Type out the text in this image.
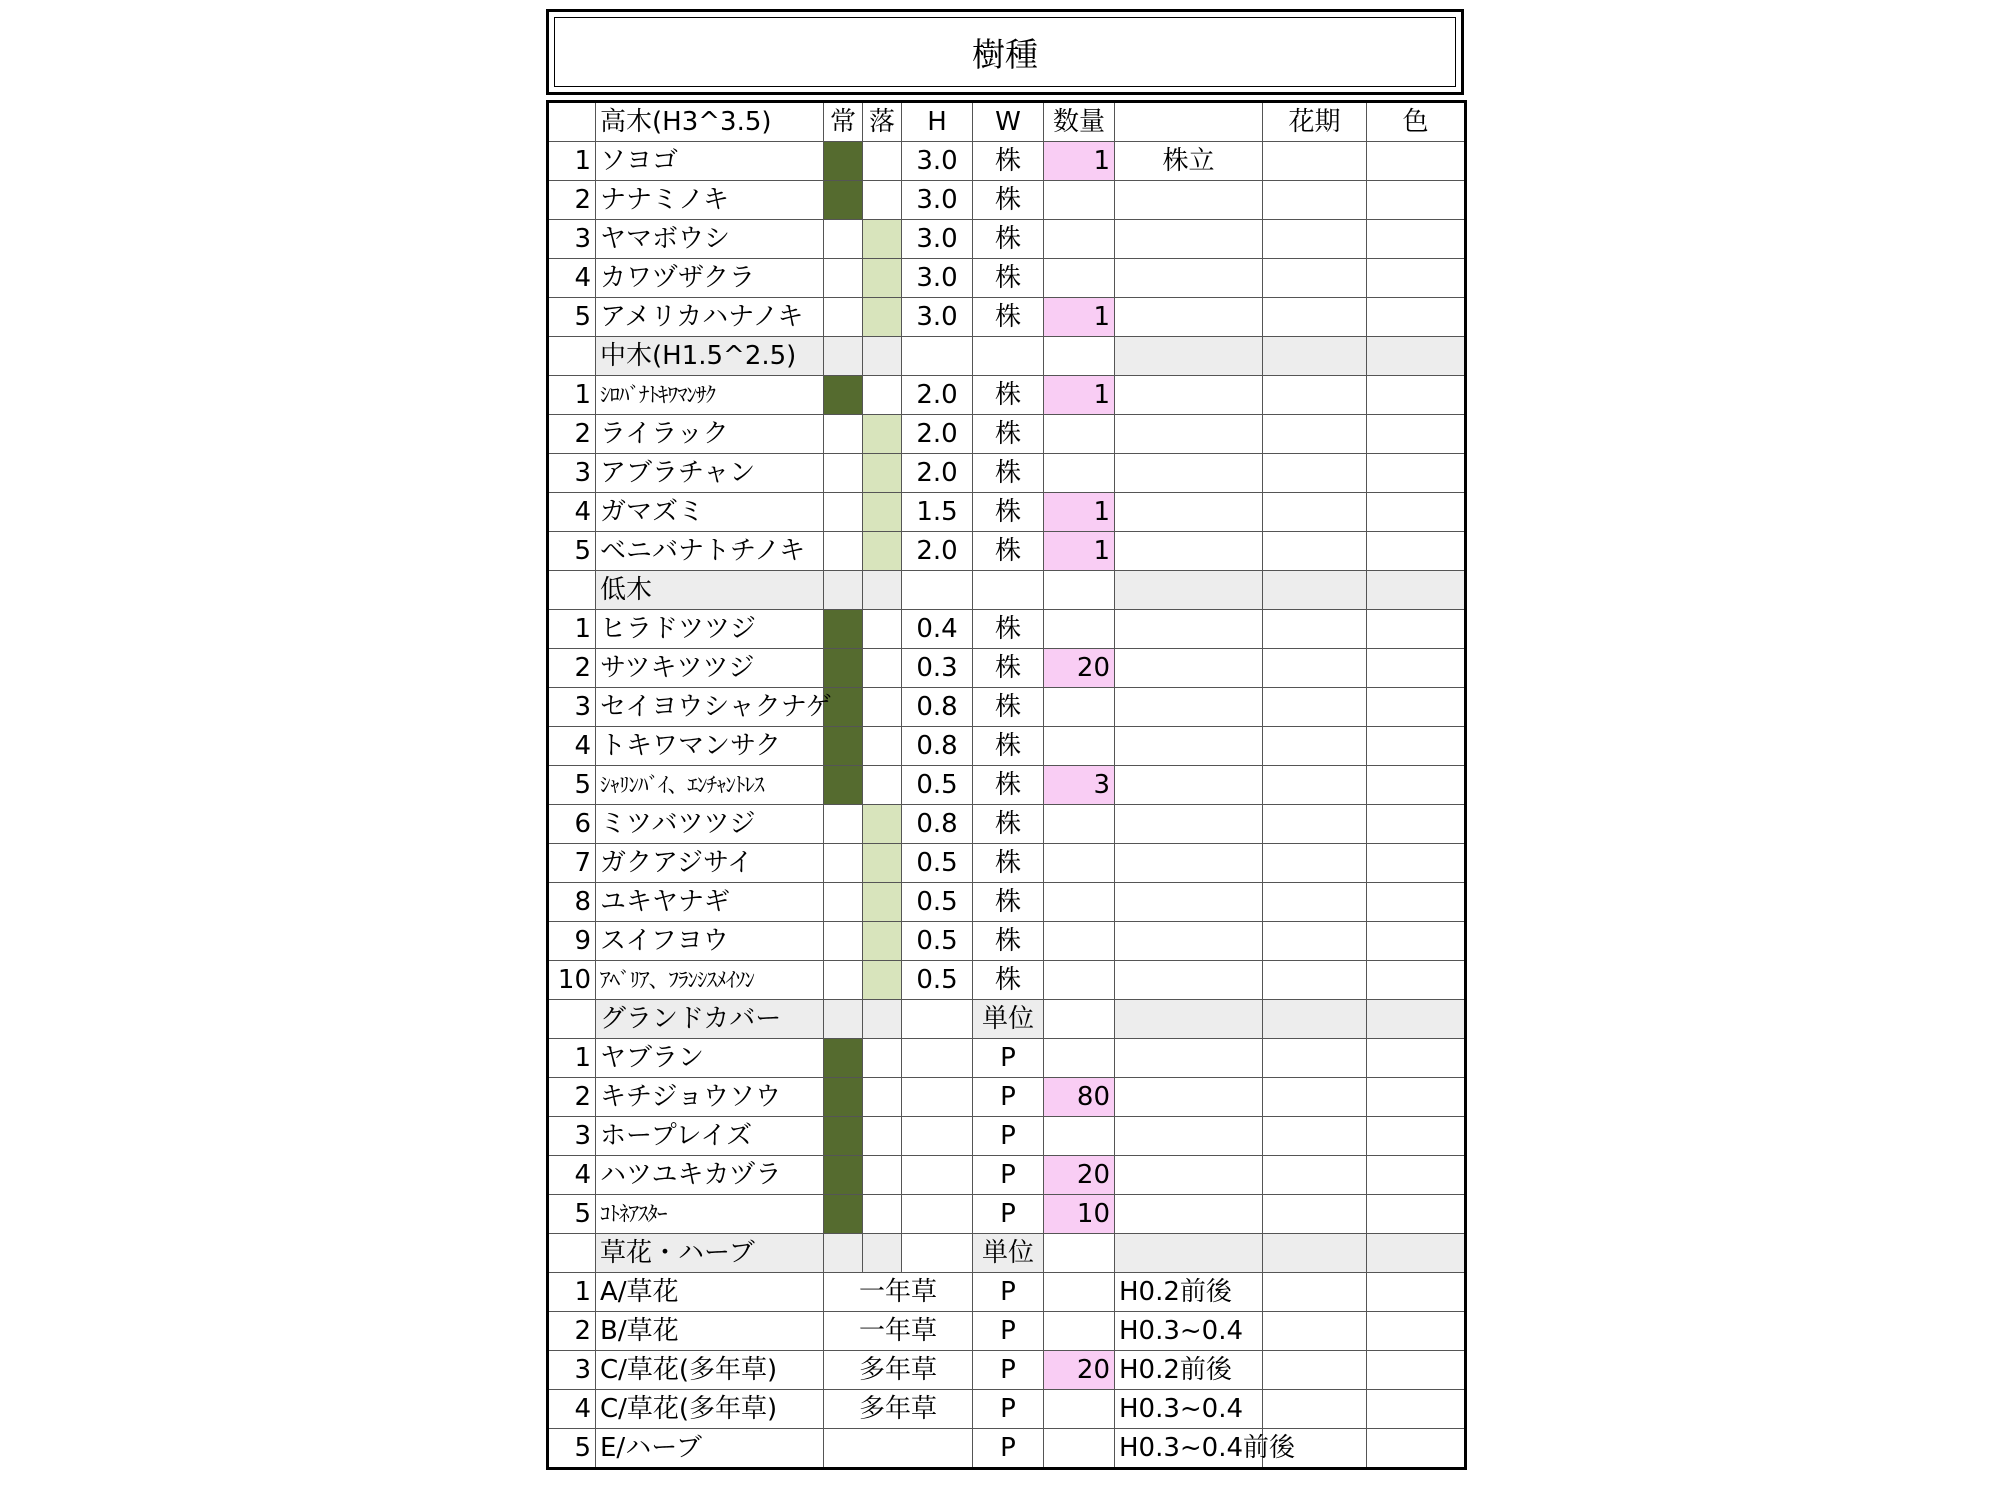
樹種
	高木(H3^3.5)	常	落	H	W	数量		花期	色
1	ソヨゴ			3.0	株	1	株立		
2	ナナミノキ			3.0	株				
3	ヤマボウシ			3.0	株				
4	カワヅザクラ			3.0	株				
5	アメリカハナノキ			3.0	株	1			
	中木(H1.5^2.5)								
1	ｼﾛﾊﾞﾅﾄｷﾜﾏﾝｻｸ			2.0	株	1			
2	ライラック			2.0	株				
3	アブラチャン			2.0	株				
4	ガマズミ			1.5	株	1			
5	ベニバナトチノキ			2.0	株	1			
	低木								
1	ヒラドツツジ			0.4	株				
2	サツキツツジ			0.3	株	20			
3	セイヨウシャクナゲ			0.8	株				
4	トキワマンサク			0.8	株				
5	ｼｬﾘﾝﾊﾞｲ、ｴﾝﾁｬﾝﾄﾚｽ			0.5	株	3			
6	ミツバツツジ			0.8	株				
7	ガクアジサイ			0.5	株				
8	ユキヤナギ			0.5	株				
9	スイフヨウ			0.5	株				
10	ｱﾍﾞﾘｱ、ﾌﾗﾝｼｽﾒｲｿﾝ			0.5	株				
	グランドカバー				単位				
1	ヤブラン				P				
2	キチジョウソウ				P	80			
3	ホープレイズ				P				
4	ハツユキカヅラ				P	20			
5	ｺﾄﾈｱｽﾀｰ				P	10			
	草花・ハーブ				単位				
1	A/草花	一年草			P		H0.2前後		
2	B/草花	一年草			P		H0.3~0.4		
3	C/草花(多年草)	多年草			P	20	H0.2前後		
4	C/草花(多年草)	多年草			P		H0.3~0.4		
5	E/ハーブ				P		H0.3~0.4前後		
